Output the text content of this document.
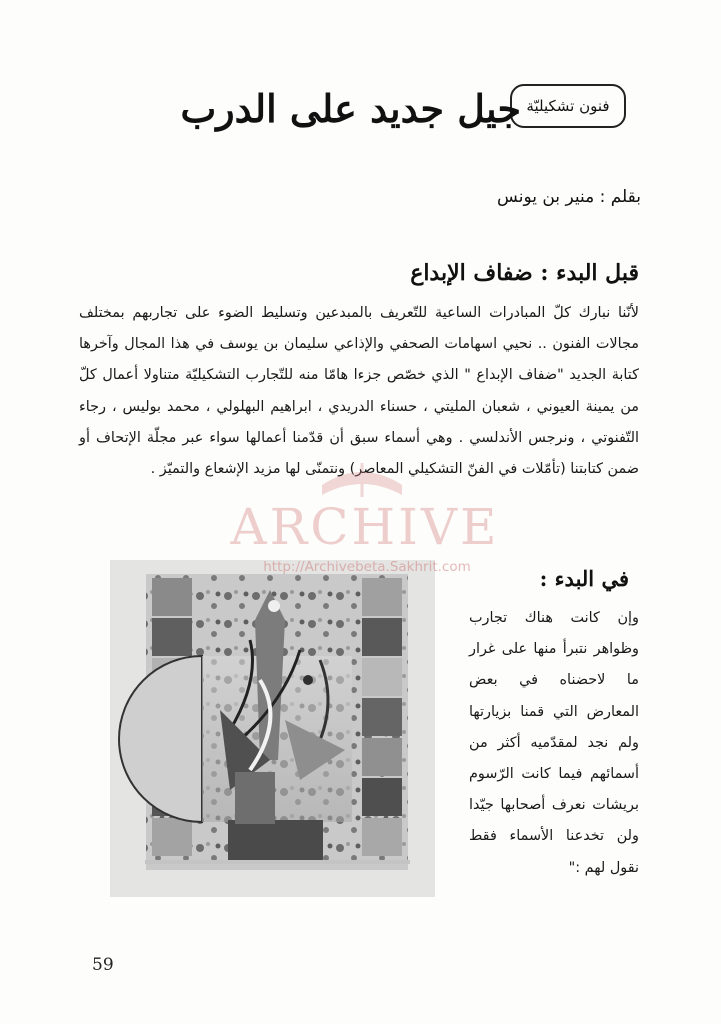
فنون تشكيليّة
جيل جديد على الدرب
بقلم : منير بن يونس
قبل البدء : ضفاف الإبداع
لأنّنا نبارك كلّ المبادرات الساعية للتّعريف بالمبدعين وتسليط الضوء على تجاربهم بمختلف مجالات الفنون .. نحيي اسهامات الصحفي والإذاعي سليمان بن يوسف في هذا المجال وآخرها كتابة الجديد "ضفاف الإبداع " الذي خصّص جزءا هامّا منه للتّجارب التشكيليّة متناولا أعمال كلّ من يمينة العيوني ، شعبان المليتي ، حسناء الدريدي ، ابراهيم البهلولي ، محمد بوليس ، رجاء التّفنوتي ، ونرجس الأندلسي . وهي أسماء سبق أن قدّمنا أعمالها سواء عبر مجلّة الإتحاف أو ضمن كتابتنا (تأمّلات في الفنّ التشكيلي المعاصر) ونتمنّى لها مزيد الإشعاع والتميّز .
في البدء :
وإن كانت هناك تجارب وظواهر نتبرأ منها على غرار ما لاحضناه في بعض المعارض التي قمنا بزيارتها ولم نجد لمقدّميه أكثر من أسمائهم فيما كانت الرّسوم بريشات نعرف أصحابها جيّدا ولن تخدعنا الأسماء فقط نقول لهم :"
ARCHIVE
http://Archivebeta.Sakhrit.com
59
